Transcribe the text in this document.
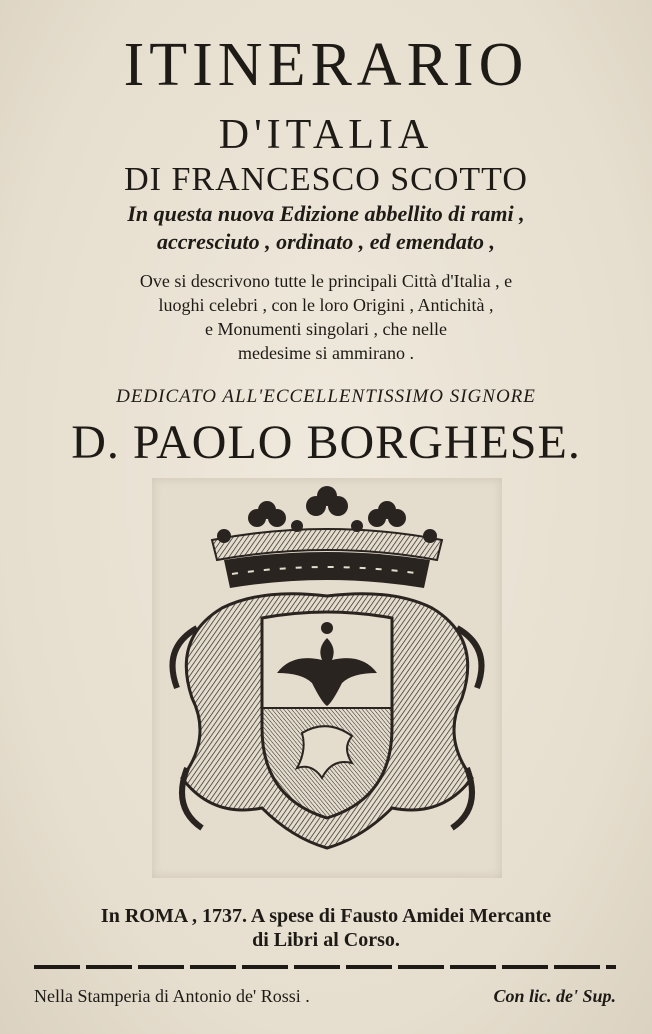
ITINERARIO
D'ITALIA
DI FRANCESCO SCOTTO
In questa nuova Edizione abbellito di rami ,
accresciuto , ordinato , ed emendato ,
Ove si descrivono tutte le principali Città d'Italia , e
luoghi celebri , con le loro Origini , Antichità ,
e Monumenti singolari , che nelle
medesime si ammirano .
DEDICATO ALL'ECCELLENTISSIMO SIGNORE
D. PAOLO BORGHESE.
In ROMA , 1737. A spese di Fausto Amidei Mercante
di Libri al Corso.
Nella Stamperia di Antonio de' Rossi .	Con lic. de' Sup.
